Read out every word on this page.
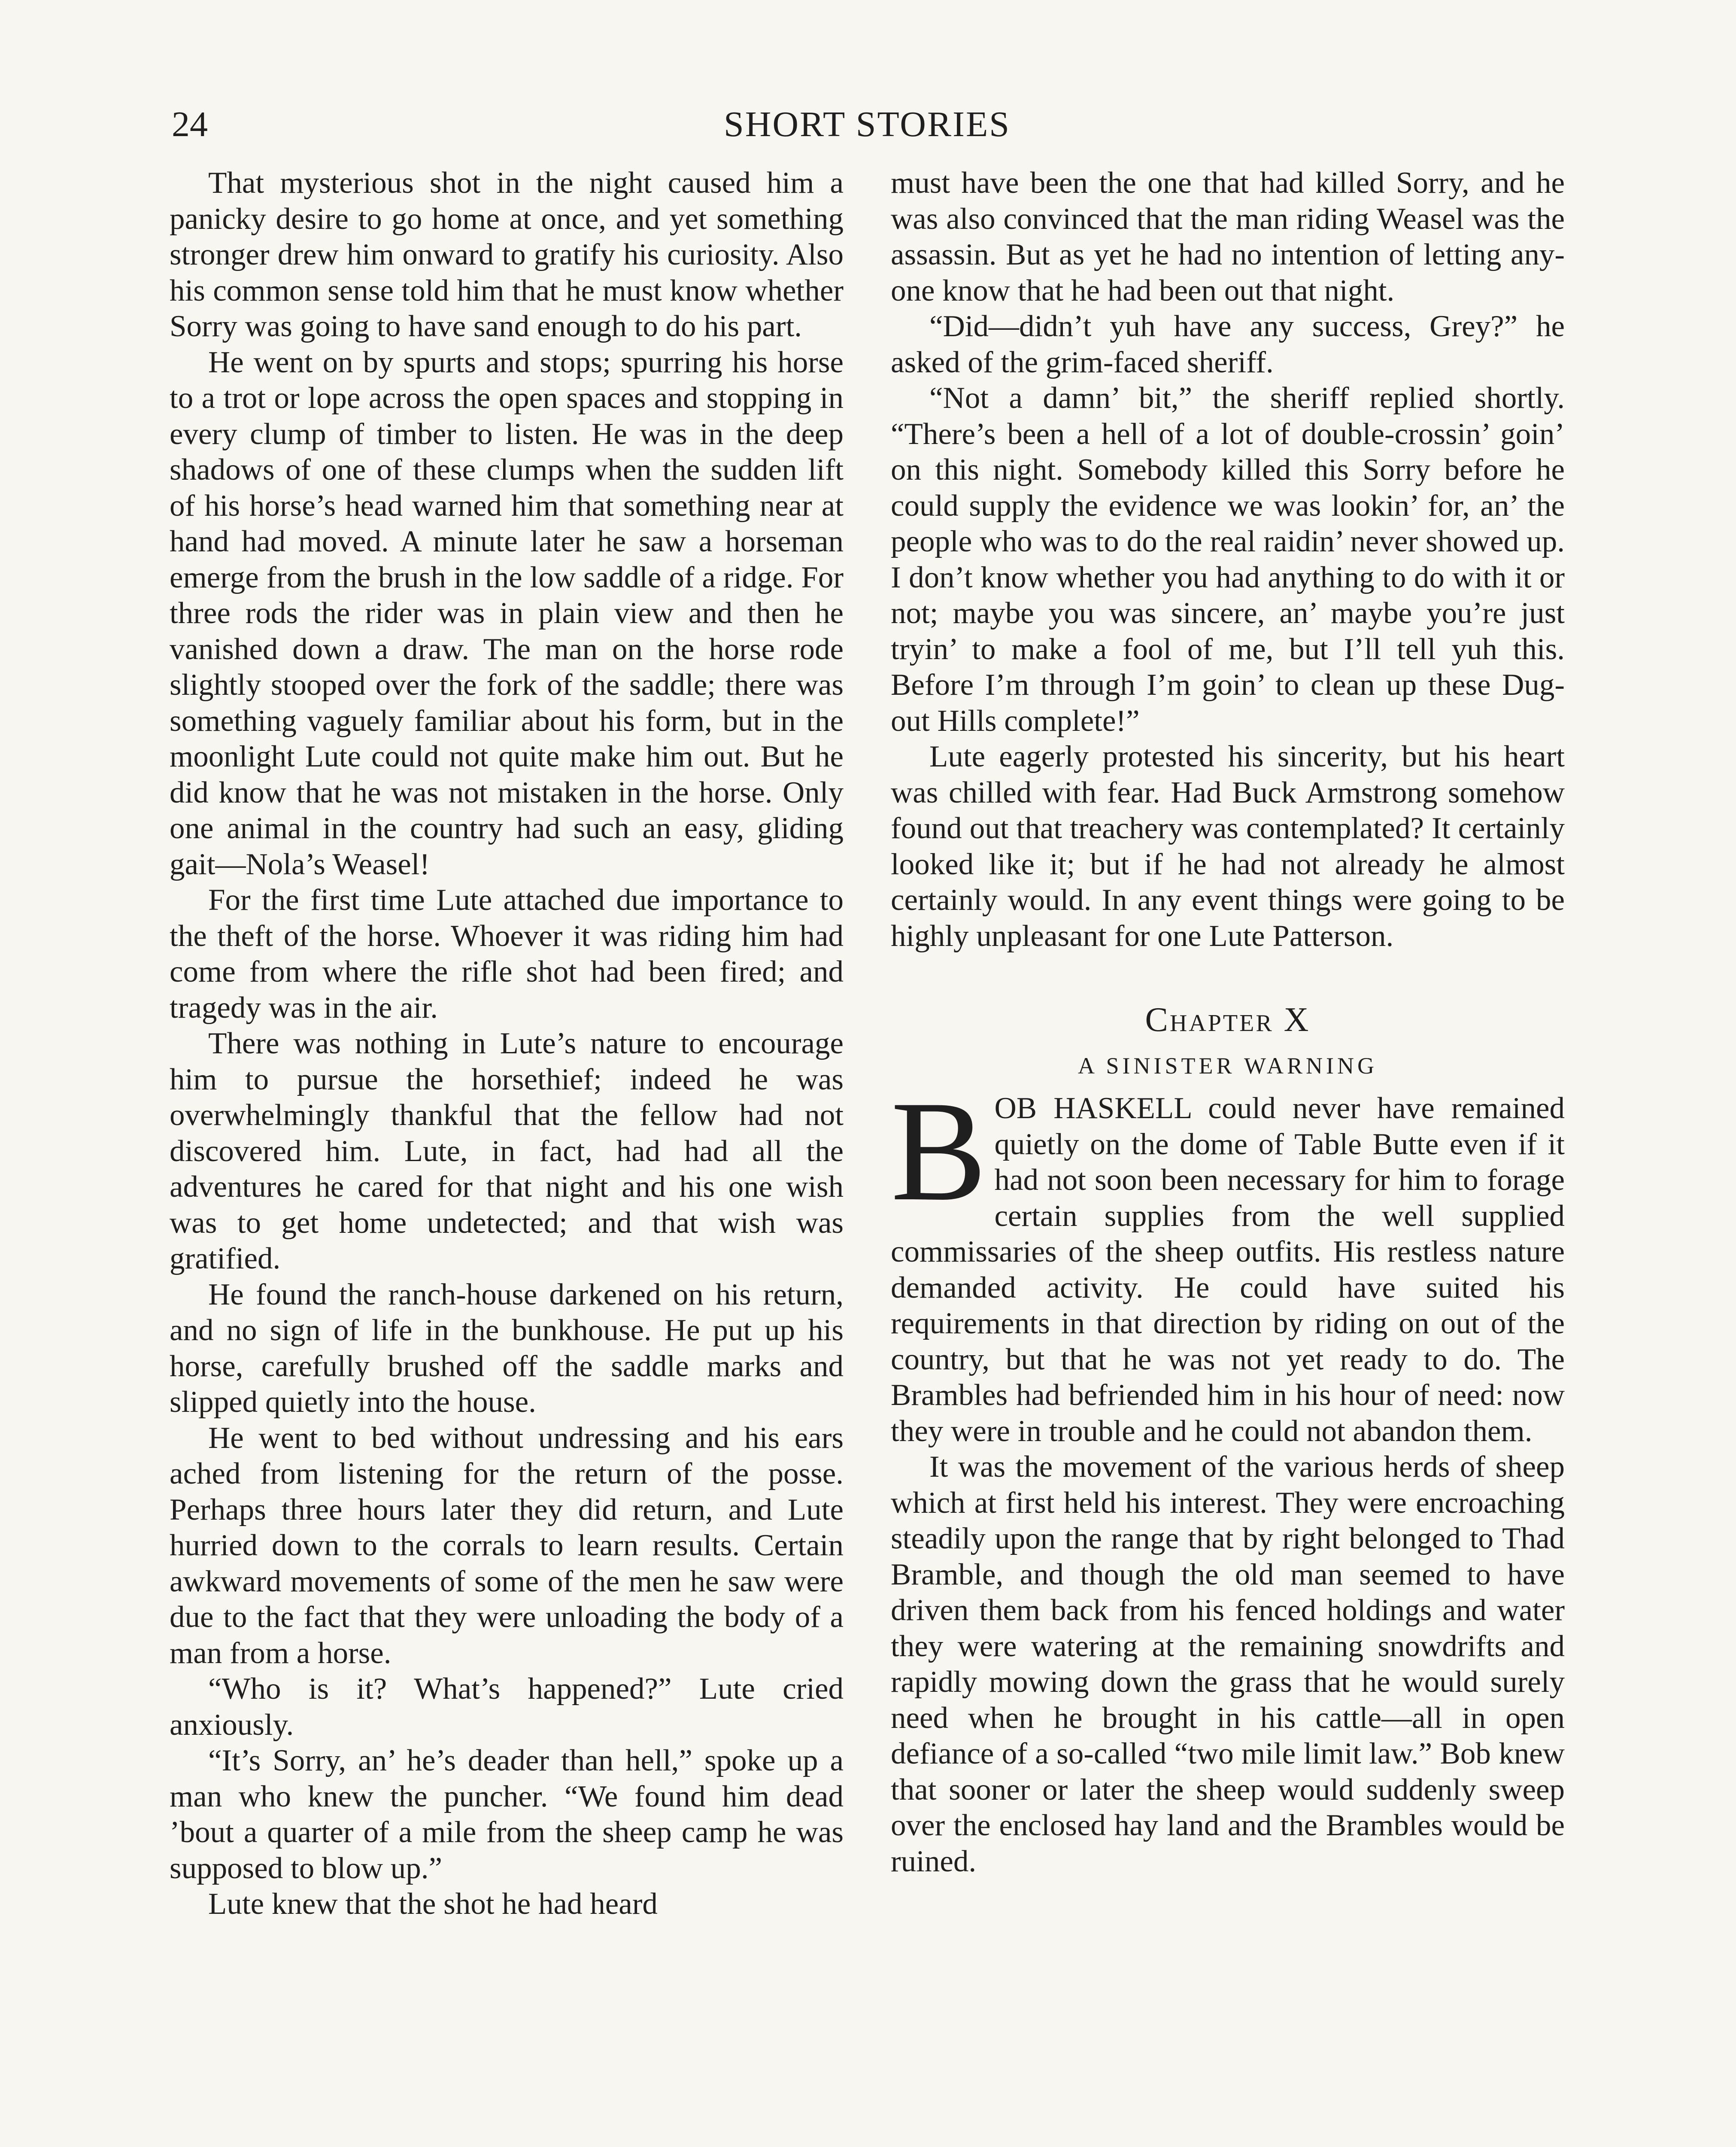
24	SHORT STORIES

That mysterious shot in the night caused him a panicky desire to go home at once, and yet something stronger drew him onward to gratify his curiosity. Also his common sense told him that he must know whether Sorry was going to have sand enough to do his part.

He went on by spurts and stops; spurring his horse to a trot or lope across the open spaces and stopping in every clump of timber to listen. He was in the deep shadows of one of these clumps when the sudden lift of his horse’s head warned him that something near at hand had moved. A minute later he saw a horseman emerge from the brush in the low saddle of a ridge. For three rods the rider was in plain view and then he vanished down a draw. The man on the horse rode slightly stooped over the fork of the saddle; there was something vaguely familiar about his form, but in the moonlight Lute could not quite make him out. But he did know that he was not mistaken in the horse. Only one animal in the country had such an easy, gliding gait—Nola’s Weasel!

For the first time Lute attached due importance to the theft of the horse. Whoever it was riding him had come from where the rifle shot had been fired; and tragedy was in the air.

There was nothing in Lute’s nature to encourage him to pursue the horsethief; indeed he was overwhelmingly thankful that the fellow had not discovered him. Lute, in fact, had had all the adventures he cared for that night and his one wish was to get home undetected; and that wish was gratified.

He found the ranch-house darkened on his return, and no sign of life in the bunkhouse. He put up his horse, carefully brushed off the saddle marks and slipped quietly into the house.

He went to bed without undressing and his ears ached from listening for the return of the posse. Perhaps three hours later they did return, and Lute hurried down to the corrals to learn results. Certain awkward movements of some of the men he saw were due to the fact that they were unloading the body of a man from a horse.

“Who is it? What’s happened?” Lute cried anxiously.

“It’s Sorry, an’ he’s deader than hell,” spoke up a man who knew the puncher. “We found him dead ’bout a quarter of a mile from the sheep camp he was supposed to blow up.”

Lute knew that the shot he had heard

must have been the one that had killed Sorry, and he was also convinced that the man riding Weasel was the assassin. But as yet he had no intention of letting anyone know that he had been out that night.

“Did—didn’t yuh have any success, Grey?” he asked of the grim-faced sheriff.

“Not a damn’ bit,” the sheriff replied shortly. “There’s been a hell of a lot of double-crossin’ goin’ on this night. Somebody killed this Sorry before he could supply the evidence we was lookin’ for, an’ the people who was to do the real raidin’ never showed up. I don’t know whether you had anything to do with it or not; maybe you was sincere, an’ maybe you’re just tryin’ to make a fool of me, but I’ll tell yuh this. Before I’m through I’m goin’ to clean up these Dug-out Hills complete!”

Lute eagerly protested his sincerity, but his heart was chilled with fear. Had Buck Armstrong somehow found out that treachery was contemplated? It certainly looked like it; but if he had not already he almost certainly would. In any event things were going to be highly unpleasant for one Lute Patterson.

Chapter X

A SINISTER WARNING

BOB HASKELL could never have remained quietly on the dome of Table Butte even if it had not soon been necessary for him to forage certain supplies from the well supplied commissaries of the sheep outfits. His restless nature demanded activity. He could have suited his requirements in that direction by riding on out of the country, but that he was not yet ready to do. The Brambles had befriended him in his hour of need: now they were in trouble and he could not abandon them.

It was the movement of the various herds of sheep which at first held his interest. They were encroaching steadily upon the range that by right belonged to Thad Bramble, and though the old man seemed to have driven them back from his fenced holdings and water they were watering at the remaining snowdrifts and rapidly mowing down the grass that he would surely need when he brought in his cattle—all in open defiance of a so-called “two mile limit law.” Bob knew that sooner or later the sheep would suddenly sweep over the enclosed hay land and the Brambles would be ruined.
